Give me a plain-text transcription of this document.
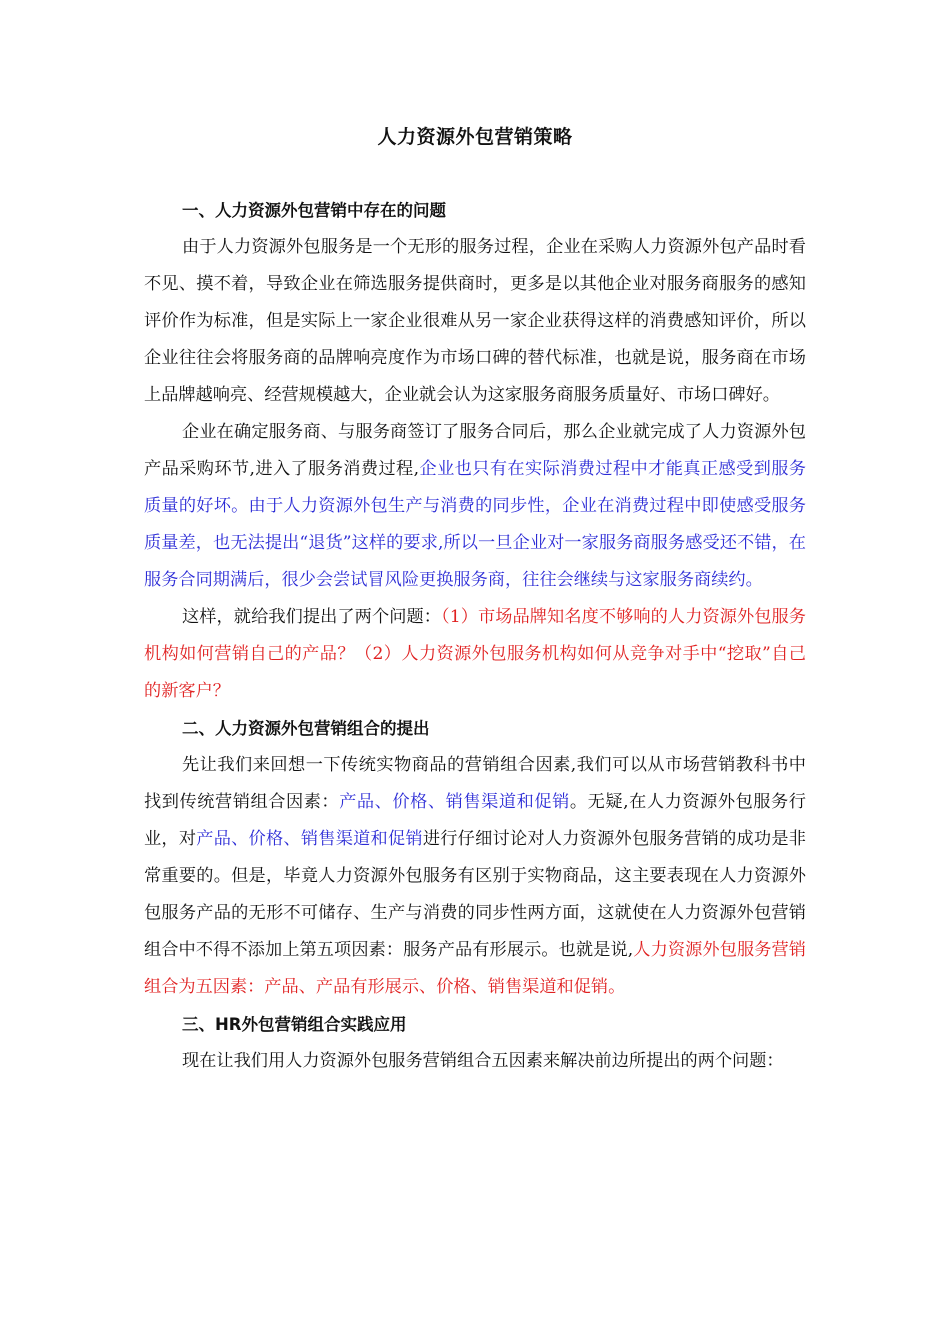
人力资源外包营销策略
一、人力资源外包营销中存在的问题
由于人力资源外包服务是一个无形的服务过程，企业在采购人力资源外包产品时看不见、摸不着，导致企业在筛选服务提供商时，更多是以其他企业对服务商服务的感知评价作为标准，但是实际上一家企业很难从另一家企业获得这样的消费感知评价，所以企业往往会将服务商的品牌响亮度作为市场口碑的替代标准，也就是说，服务商在市场上品牌越响亮、经营规模越大，企业就会认为这家服务商服务质量好、市场口碑好。
企业在确定服务商、与服务商签订了服务合同后，那么企业就完成了人力资源外包产品采购环节,进入了服务消费过程,企业也只有在实际消费过程中才能真正感受到服务质量的好坏。由于人力资源外包生产与消费的同步性，企业在消费过程中即使感受服务质量差，也无法提出“退货”这样的要求,所以一旦企业对一家服务商服务感受还不错，在服务合同期满后，很少会尝试冒风险更换服务商，往往会继续与这家服务商续约。
这样，就给我们提出了两个问题：（1）市场品牌知名度不够响的人力资源外包服务机构如何营销自己的产品？（2）人力资源外包服务机构如何从竞争对手中“挖取”自己的新客户？
二、人力资源外包营销组合的提出
先让我们来回想一下传统实物商品的营销组合因素,我们可以从市场营销教科书中找到传统营销组合因素：产品、价格、销售渠道和促销。无疑,在人力资源外包服务行业，对产品、价格、销售渠道和促销进行仔细讨论对人力资源外包服务营销的成功是非常重要的。但是，毕竟人力资源外包服务有区别于实物商品，这主要表现在人力资源外包服务产品的无形不可储存、生产与消费的同步性两方面，这就使在人力资源外包营销组合中不得不添加上第五项因素：服务产品有形展示。也就是说,人力资源外包服务营销组合为五因素：产品、产品有形展示、价格、销售渠道和促销。
三、HR外包营销组合实践应用
现在让我们用人力资源外包服务营销组合五因素来解决前边所提出的两个问题：
